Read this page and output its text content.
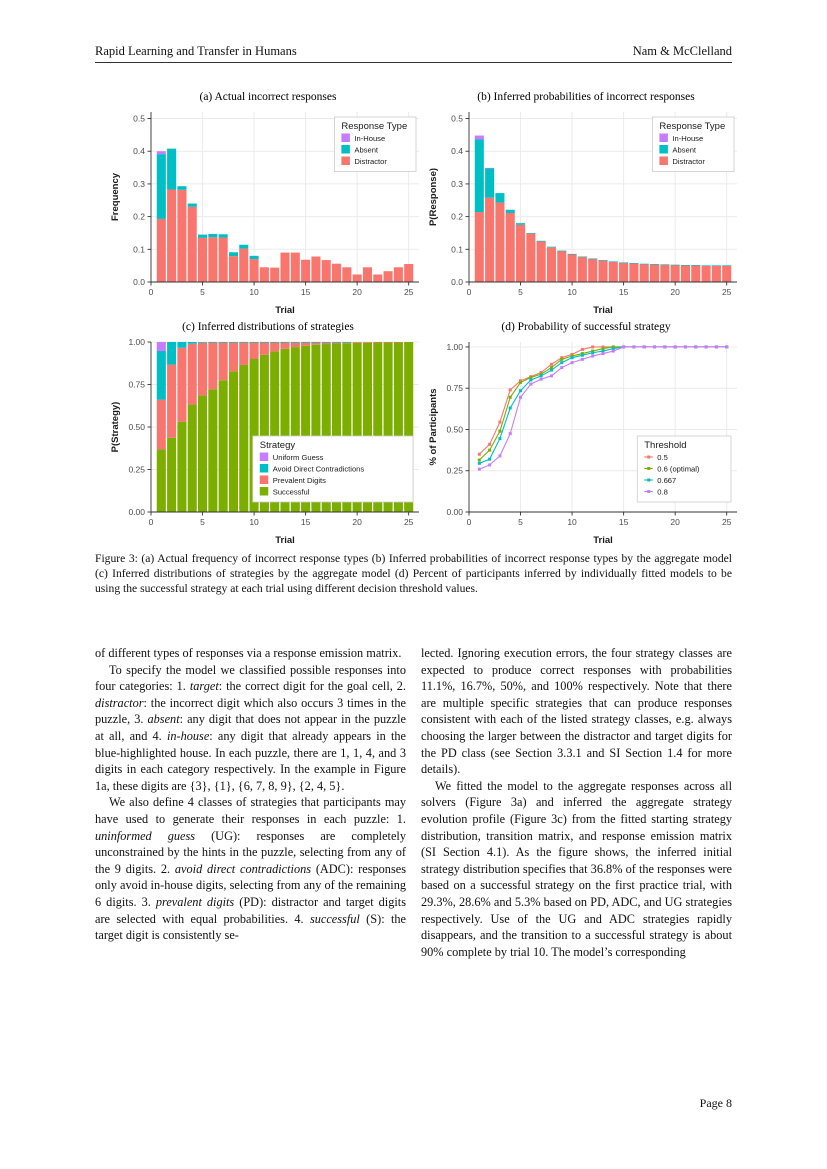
Rapid Learning and Transfer in Humans	Nam & McClelland
(a) Actual incorrect responses
0	5	10	15	20	25
0.0
0.1
0.2
0.3
0.4
0.5
Trial
Frequency
Response Type
In-House
Absent
Distractor
(b) Inferred probabilities of incorrect responses
0	5	10	15	20	25
0.0
0.1
0.2
0.3
0.4
0.5
Trial
P(Response)
Response Type
In-House
Absent
Distractor
(c) Inferred distributions of strategies
0	5	10	15	20	25
0.00
0.25
0.50
0.75
1.00
Trial
P(Strategy)	Strategy
Uniform Guess
Avoid Direct Contradictions
Prevalent Digits
Successful
(d) Probability of successful strategy
0	5	10	15	20	25
0.00
0.25
0.50
0.75
1.00
Trial
% of Participants	Threshold
0.5
0.6 (optimal)
0.667
0.8
Figure 3: (a) Actual frequency of incorrect response types (b) Inferred probabilities of incorrect response types by the aggregate model (c) Inferred distributions of strategies by the aggregate model (d) Percent of participants inferred by individually fitted models to be using the successful strategy at each trial using different decision threshold values.

of different types of responses via a response emission matrix.

To specify the model we classified possible responses into four categories: 1. target: the correct digit for the goal cell, 2. distractor: the incorrect digit which also occurs 3 times in the puzzle, 3. absent: any digit that does not appear in the puzzle at all, and 4. in-house: any digit that already appears in the blue-highlighted house. In each puzzle, there are 1, 1, 4, and 3 digits in each category respectively. In the example in Figure 1a, these digits are {3}, {1}, {6, 7, 8, 9}, {2, 4, 5}.

We also define 4 classes of strategies that participants may have used to generate their responses in each puzzle: 1. uninformed guess (UG): responses are completely unconstrained by the hints in the puzzle, selecting from any of the 9 digits. 2. avoid direct contradictions (ADC): responses only avoid in-house digits, selecting from any of the remaining 6 digits. 3. prevalent digits (PD): distractor and target digits are selected with equal probabilities. 4. successful (S): the target digit is consistently se-

lected. Ignoring execution errors, the four strategy classes are expected to produce correct responses with probabilities 11.1%, 16.7%, 50%, and 100% respectively. Note that there are multiple specific strategies that can produce responses consistent with each of the listed strategy classes, e.g. always choosing the larger between the distractor and target digits for the PD class (see Section 3.3.1 and SI Section 1.4 for more details).

We fitted the model to the aggregate responses across all solvers (Figure 3a) and inferred the aggregate strategy evolution profile (Figure 3c) from the fitted starting strategy distribution, transition matrix, and response emission matrix (SI Section 4.1). As the figure shows, the inferred initial strategy distribution specifies that 36.8% of the responses were based on a successful strategy on the first practice trial, with 29.3%, 28.6% and 5.3% based on PD, ADC, and UG strategies respectively. Use of the UG and ADC strategies rapidly disappears, and the transition to a successful strategy is about 90% complete by trial 10. The model’s corresponding

Page 8
